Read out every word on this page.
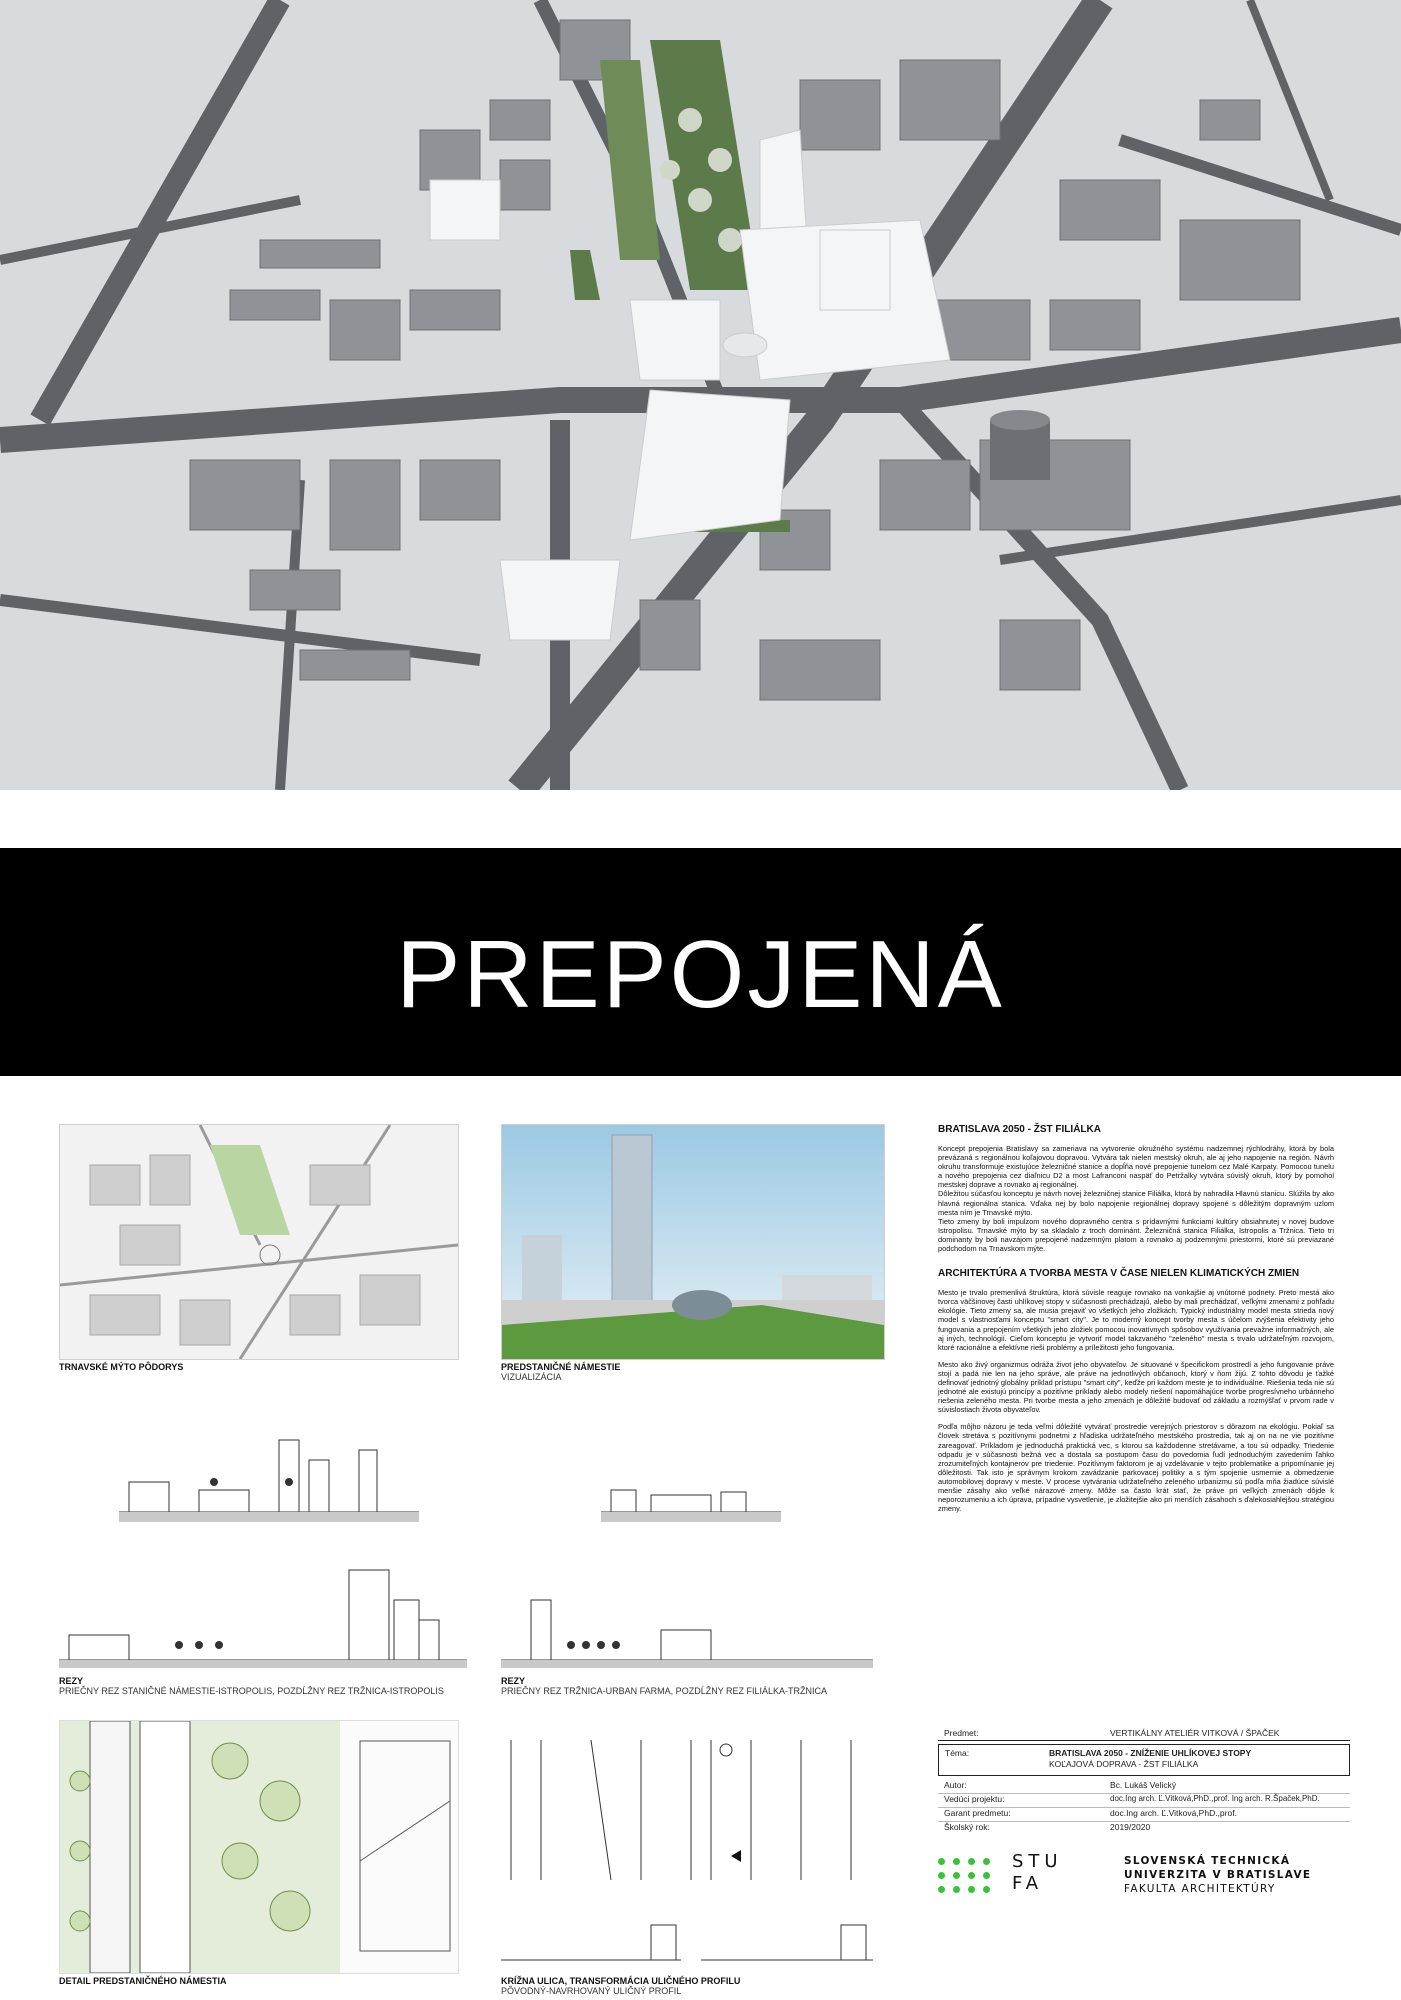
PREPOJENÁ
TRNAVSKÉ MÝTO PÔDORYS	PREDSTANIČNÉ NÁMESTIE
VIZUALIZÁCIA
REZY
PRIEČNY REZ STANIČNÉ NÁMESTIE-ISTROPOLIS, POZDĹŽNY REZ TRŽNICA-ISTROPOLIS
REZY
PRIEČNY REZ TRŽNICA-URBAN FARMA, POZDĹŽNY REZ FILIÁLKA-TRŽNICA
DETAIL PREDSTANIČNÉHO NÁMESTIA	KRÍŽNA ULICA, TRANSFORMÁCIA ULIČNÉHO PROFILU
PÔVODNÝ-NAVRHOVANÝ ULIČNÝ PROFIL
BRATISLAVA 2050 - ŽST FILIÁLKA
Koncept prepojenia Bratislavy sa zameriava na vytvorenie okružného systému nadzemnej rýchlodráhy, ktorá by bola prevázaná s regionálnou koľajovou dopravou. Vytvára tak nielen mestský okruh, ale aj jeho napojenie na región. Návrh okruhu transformuje existujúce železničné stanice a dopĺňa nové prepojenie tunelom cez Malé Karpaty. Pomocou tunelu a nového prepojenia cez diaľnicu D2 a most Lafranconi naspäť do Petržalky vytvára súvislý okruh, ktorý by pomohol mestskej doprave a rovnako aj regionálnej.
Dôležitou súčasťou konceptu je návrh novej železničnej stanice Filiálka, ktorá by nahradila Hlavnú stanicu. Slúžila by ako hlavná regionálna stanica. Vďaka nej by bolo napojenie regionálnej dopravy spojené s dôležitým dopravným uzlom mesta ním je Trnavské mýto.
Tieto zmeny by boli impulzom nového dopravného centra s prídavnými funkciami kultúry obsiahnutej v novej budove Istropolisu. Trnavské mýto by sa skladalo z troch dominánt. Železničná stanica Filiálka, Istropolis a Tržnica. Tieto tri dominanty by boli navzájom prepojené nadzemným platom a rovnako aj podzemnými priestormi, ktoré sú previazané podchodom na Trnavskom mýte.
ARCHITEKTÚRA A TVORBA MESTA V ČASE NIELEN KLIMATICKÝCH ZMIEN
Mesto je trvalo premenlivá štruktúra, ktorá súvisle reaguje rovnako na vonkajšie aj vnútorné podnety. Preto mestá ako tvorca väčšinovej časti uhlíkovej stopy v súčasnosti prechádzajú, alebo by mali prechádzať, veľkými zmenami z pohľadu ekológie. Tieto zmeny sa, ale musia prejaviť vo všetkých jeho zložkách. Typický industriálny model mesta strieda nový model s vlastnosťami konceptu "smart city". Je to moderný koncept tvorby mesta s účelom zvýšenia efektivity jeho fungovania a prepojením všetkých jeho zložiek pomocou inovatívnych spôsobov využívania prevažne informačných, ale aj iných, technológií. Cieľom konceptu je vytvoriť model takzvaného "zeleného" mesta s trvalo udržateľným rozvojom, ktoré racionálne a efektívne rieši problémy a príležitosti jeho fungovania.
Mesto ako živý organizmus odráža život jeho obyvateľov. Je situované v špecifickom prostredí a jeho fungovanie práve stojí a padá nie len na jeho správe, ale práve na jednotlivých občanoch, ktorý v ňom žijú. Z tohto dôvodu je ťažké definovať jednotný globálny príklad prístupu "smart city", keďže pri každom meste je to individuálne. Riešenia teda nie sú jednotné ale existujú princípy a pozitívne príklady alebo modely riešení napomáhajúce tvorbe progresívneho urbánneho riešenia zeleného mesta. Pri tvorbe mesta a jeho zmenách je dôležité budovať od základu a rozmýšľať v prvom rade v súvislostiach života obyvateľov.
Podľa môjho názoru je teda veľmi dôležité vytvárať prostredie verejných priestorov s dôrazom na ekológiu. Pokiaľ sa človek stretáva s pozitívnymi podnetmi z hľadiska udržateľného mestského prostredia, tak aj on na ne vie pozitívne zareagovať. Príkladom je jednoduchá praktická vec, s ktorou sa každodenne stretávame, a tou sú odpadky. Triedenie odpadu je v súčasnosti bežná vec a dostala sa postupom času do povedomia ľudí jednoduchým zavedením ľahko zrozumiteľných kontajnerov pre triedenie. Pozitívnym faktorom je aj vzdelávanie v tejto problematike a pripomínanie jej dôležitosti. Tak isto je správnym krokom zavádzanie parkovacej politiky a s tým spojenie usmernie a obmedzenie automobilovej dopravy v meste. V procese vytvárania udržateľného zeleného urbanizmu sú podľa mňa žiadúce súvislé menšie zásahy ako veľké nárazové zmeny. Môže sa často krát stať, že práve pri veľkých zmenách dôjde k neporozumeniu a ich úprava, prípadne vysvetlenie, je zložitejšie ako pri menších zásahoch s ďalekosiahlejšou stratégiou zmeny.
Predmet:	VERTIKÁLNY ATELIÉR VITKOVÁ / ŠPAČEK
Téma:	BRATISLAVA 2050 - ZNÍŽENIE UHLÍKOVEJ STOPY
KOĽAJOVÁ DOPRAVA - ŽST FILIÁLKA
Autor:	Bc. Lukáš Velický
Vedúci projektu:	doc.Ing arch. Ľ.Vitková,PhD.,prof. Ing arch. R.Špaček,PhD.
Garant predmetu:	doc.Ing arch. Ľ.Vitková,PhD.,prof.
Školský rok:	2019/2020
STU
FA
SLOVENSKÁ TECHNICKÁ
UNIVERZITA V BRATISLAVE
FAKULTA ARCHITEKTÚRY
